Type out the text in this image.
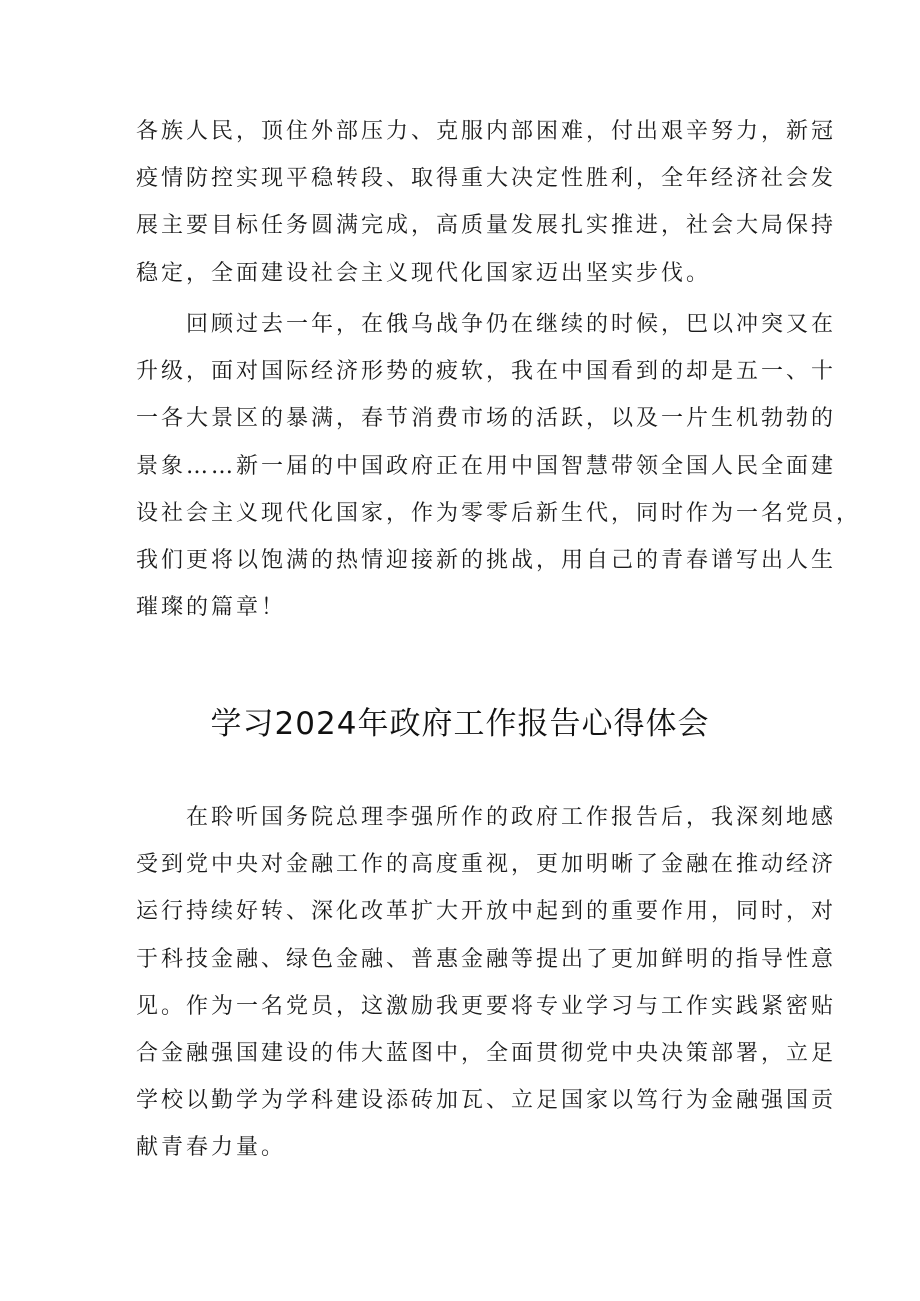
各族人民，顶住外部压力、克服内部困难，付出艰辛努力，新冠
疫情防控实现平稳转段、取得重大决定性胜利，全年经济社会发
展主要目标任务圆满完成，高质量发展扎实推进，社会大局保持
稳定，全面建设社会主义现代化国家迈出坚实步伐。
回顾过去一年，在俄乌战争仍在继续的时候，巴以冲突又在
升级，面对国际经济形势的疲软，我在中国看到的却是五一、十
一各大景区的暴满，春节消费市场的活跃，以及一片生机勃勃的
景象……新一届的中国政府正在用中国智慧带领全国人民全面建
设社会主义现代化国家，作为零零后新生代，同时作为一名党员，
我们更将以饱满的热情迎接新的挑战，用自己的青春谱写出人生
璀璨的篇章！
学习2024年政府工作报告心得体会
在聆听国务院总理李强所作的政府工作报告后，我深刻地感
受到党中央对金融工作的高度重视，更加明晰了金融在推动经济
运行持续好转、深化改革扩大开放中起到的重要作用，同时，对
于科技金融、绿色金融、普惠金融等提出了更加鲜明的指导性意
见。作为一名党员，这激励我更要将专业学习与工作实践紧密贴
合金融强国建设的伟大蓝图中，全面贯彻党中央决策部署，立足
学校以勤学为学科建设添砖加瓦、立足国家以笃行为金融强国贡
献青春力量。
